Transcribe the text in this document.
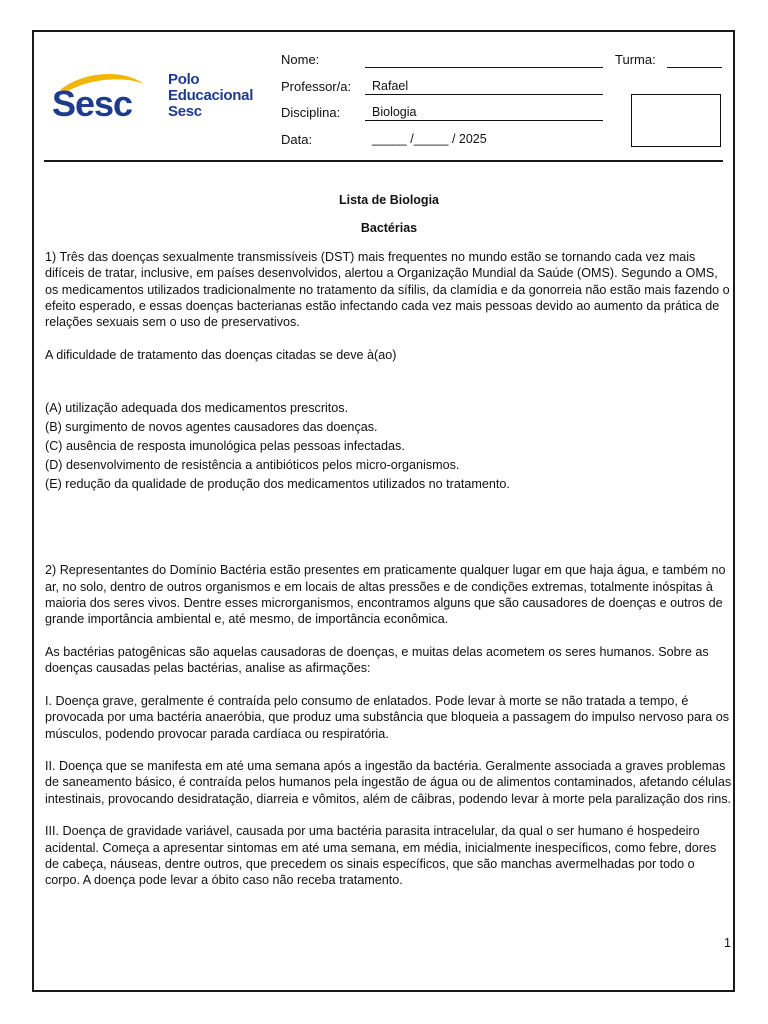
Sesc
Polo
Educacional
Sesc
Nome:	Turma:
Professor/a: Rafael
Disciplina:	Biologia
Data:	_____ /_____ / 2025

Lista de Biologia

Bactérias

1) Três das doenças sexualmente transmissíveis (DST) mais frequentes no mundo estão se tornando cada vez mais difíceis de tratar, inclusive, em países desenvolvidos, alertou a Organização Mundial da Saúde (OMS). Segundo a OMS, os medicamentos utilizados tradicionalmente no tratamento da sífilis, da clamídia e da gonorreia não estão mais fazendo o efeito esperado, e essas doenças bacterianas estão infectando cada vez mais pessoas devido ao aumento da prática de relações sexuais sem o uso de preservativos.

A dificuldade de tratamento das doenças citadas se deve à(ao)

(A) utilização adequada dos medicamentos prescritos.

(B) surgimento de novos agentes causadores das doenças.

(C) ausência de resposta imunológica pelas pessoas infectadas.

(D) desenvolvimento de resistência a antibióticos pelos micro-organismos.

(E) redução da qualidade de produção dos medicamentos utilizados no tratamento.

2) Representantes do Domínio Bactéria estão presentes em praticamente qualquer lugar em que haja água, e também no ar, no solo, dentro de outros organismos e em locais de altas pressões e de condições extremas, totalmente inóspitas à maioria dos seres vivos. Dentre esses microrganismos, encontramos alguns que são causadores de doenças e outros de grande importância ambiental e, até mesmo, de importância econômica.

As bactérias patogênicas são aquelas causadoras de doenças, e muitas delas acometem os seres humanos. Sobre as doenças causadas pelas bactérias, analise as afirmações:

I. Doença grave, geralmente é contraída pelo consumo de enlatados. Pode levar à morte se não tratada a tempo, é provocada por uma bactéria anaeróbia, que produz uma substância que bloqueia a passagem do impulso nervoso para os músculos, podendo provocar parada cardíaca ou respiratória.

II. Doença que se manifesta em até uma semana após a ingestão da bactéria. Geralmente associada a graves problemas de saneamento básico, é contraída pelos humanos pela ingestão de água ou de alimentos contaminados, afetando células intestinais, provocando desidratação, diarreia e vômitos, além de câibras, podendo levar à morte pela paralização dos rins.

III. Doença de gravidade variável, causada por uma bactéria parasita intracelular, da qual o ser humano é hospedeiro acidental. Começa a apresentar sintomas em até uma semana, em média, inicialmente inespecíficos, como febre, dores de cabeça, náuseas, dentre outros, que precedem os sinais específicos, que são manchas avermelhadas por todo o corpo. A doença pode levar a óbito caso não receba tratamento.

1
